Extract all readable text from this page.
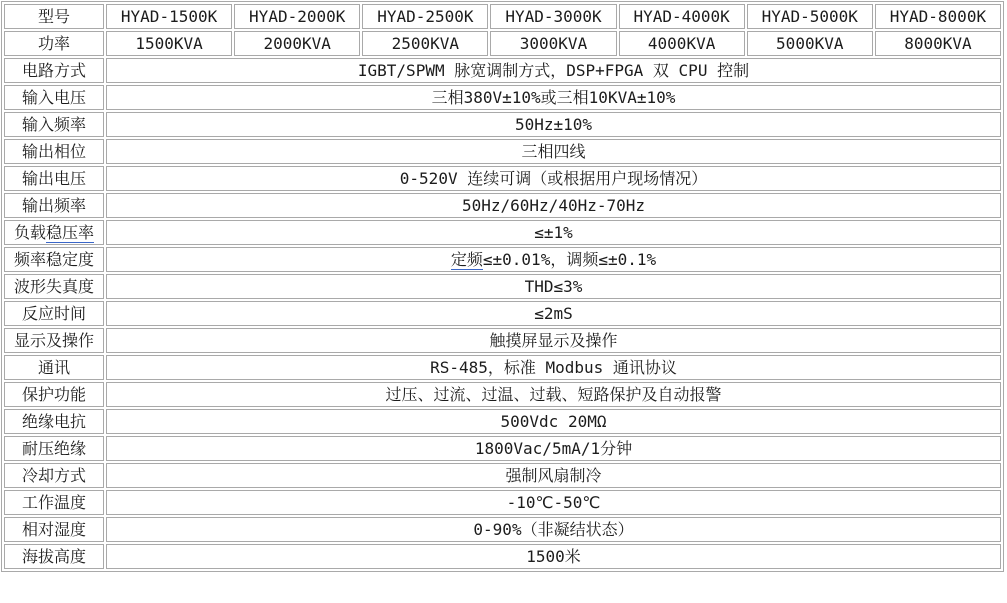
型号	HYAD-1500K	HYAD-2000K	HYAD-2500K	HYAD-3000K	HYAD-4000K	HYAD-5000K	HYAD-8000K
功率	1500KVA	2000KVA	2500KVA	3000KVA	4000KVA	5000KVA	8000KVA
电路方式	IGBT/SPWM 脉宽调制方式，DSP+FPGA 双 CPU 控制						
输入电压	三相380V±10%或三相10KVA±10%						
输入频率	50Hz±10%						
输出相位	三相四线						
输出电压	0-520V 连续可调（或根据用户现场情况）						
输出频率	50Hz/60Hz/40Hz-70Hz						
负载稳压率	≤±1%						
频率稳定度	定频≤±0.01%，调频≤±0.1%						
波形失真度	THD≤3%						
反应时间	≤2mS						
显示及操作	触摸屏显示及操作						
通讯	RS-485，标准 Modbus 通讯协议						
保护功能	过压、过流、过温、过载、短路保护及自动报警						
绝缘电抗	500Vdc 20MΩ						
耐压绝缘	1800Vac/5mA/1分钟						
冷却方式	强制风扇制冷						
工作温度	-10℃-50℃						
相对湿度	0-90%（非凝结状态）						
海拔高度	1500米						
